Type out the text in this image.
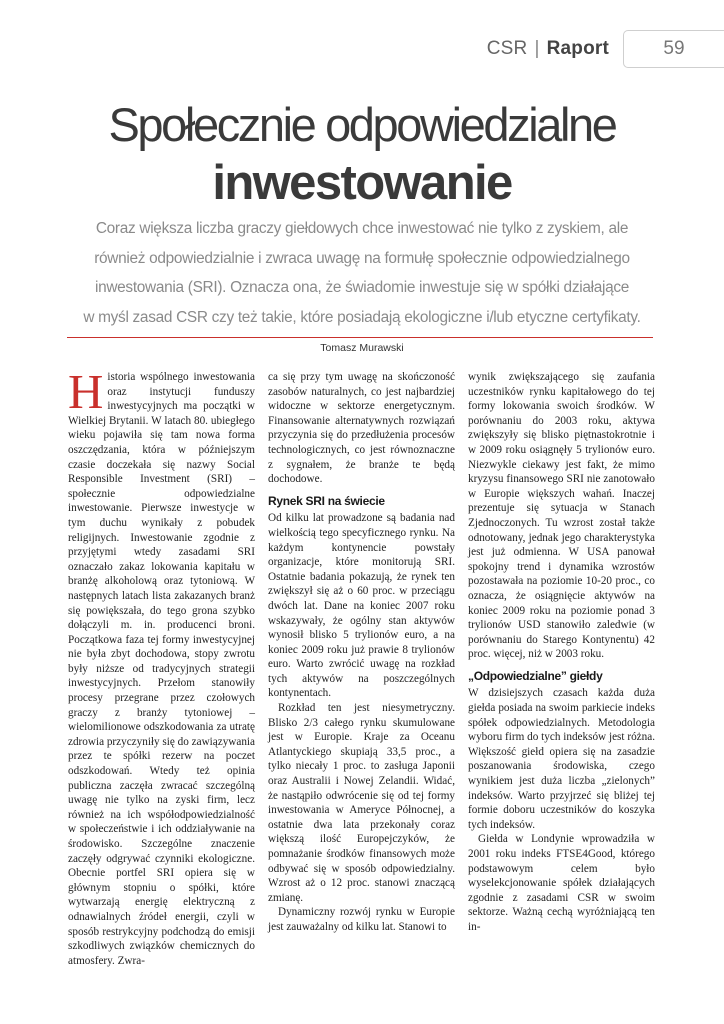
CSR | Raport	59
Społecznie odpowiedzialne
inwestowanie

Coraz większa liczba graczy giełdowych chce inwestować nie tylko z zyskiem, ale

również odpowiedzialnie i zwraca uwagę na formułę społecznie odpowiedzialnego

inwestowania (SRI). Oznacza ona, że świadomie inwestuje się w spółki działające

w myśl zasad CSR czy też takie, które posiadają ekologiczne i/lub etyczne certyfikaty.

Tomasz Murawski

Historia wspólnego inwestowania oraz instytucji funduszy inwestycyjnych ma początki w Wielkiej Brytanii. W latach 80. ubiegłego wieku pojawiła się tam nowa forma oszczędzania, która w późniejszym czasie doczekała się nazwy Social Responsible Investment (SRI) – społecznie odpowiedzialne inwestowanie. Pierwsze inwestycje w tym duchu wynikały z pobudek religijnych. Inwestowanie zgodnie z przyjętymi wtedy zasadami SRI oznaczało zakaz lokowania kapitału w branżę alkoholową oraz tytoniową. W następnych latach lista zakazanych branż się powiększała, do tego grona szybko dołączyli m. in. producenci broni. Początkowa faza tej formy inwestycyjnej nie była zbyt dochodowa, stopy zwrotu były niższe od tradycyjnych strategii inwestycyjnych. Przełom stanowiły procesy przegrane przez czołowych graczy z branży tytoniowej – wielomilionowe odszkodowania za utratę zdrowia przyczyniły się do zawiązywania przez te spółki rezerw na poczet odszkodowań. Wtedy też opinia publiczna zaczęła zwracać szczególną uwagę nie tylko na zyski firm, lecz również na ich współodpowiedzialność w społeczeństwie i ich oddziaływanie na środowisko. Szczególne znaczenie zaczęły odgrywać czynniki ekologiczne. Obecnie portfel SRI opiera się w głównym stopniu o spółki, które wytwarzają energię elektryczną z odnawialnych źródeł energii, czyli w sposób restrykcyjny podchodzą do emisji szkodliwych związków chemicznych do atmosfery. Zwra-

ca się przy tym uwagę na skończoność zasobów naturalnych, co jest najbardziej widoczne w sektorze energetycznym. Finansowanie alternatywnych rozwiązań przyczynia się do przedłużenia procesów technologicznych, co jest równoznaczne z sygnałem, że branże te będą dochodowe.

Rynek SRI na świecie

Od kilku lat prowadzone są badania nad wielkością tego specyficznego rynku. Na każdym kontynencie powstały organizacje, które monitorują SRI. Ostatnie badania pokazują, że rynek ten zwiększył się aż o 60 proc. w przeciągu dwóch lat. Dane na koniec 2007 roku wskazywały, że ogólny stan aktywów wynosił blisko 5 trylionów euro, a na koniec 2009 roku już prawie 8 trylionów euro. Warto zwrócić uwagę na rozkład tych aktywów na poszczególnych kontynentach.

Rozkład ten jest niesymetryczny. Blisko 2/3 całego rynku skumulowane jest w Europie. Kraje za Oceanu Atlantyckiego skupiają 33,5 proc., a tylko niecały 1 proc. to zasługa Japonii oraz Australii i Nowej Zelandii. Widać, że nastąpiło odwrócenie się od tej formy inwestowania w Ameryce Północnej, a ostatnie dwa lata przekonały coraz większą ilość Europejczyków, że pomnażanie środków finansowych może odbywać się w sposób odpowiedzialny. Wzrost aż o 12 proc. stanowi znaczącą zmianę.

Dynamiczny rozwój rynku w Europie jest zauważalny od kilku lat. Stanowi to

wynik zwiększającego się zaufania uczestników rynku kapitałowego do tej formy lokowania swoich środków. W porównaniu do 2003 roku, aktywa zwiększyły się blisko piętnastokrotnie i w 2009 roku osiągnęły 5 trylionów euro. Niezwykle ciekawy jest fakt, że mimo kryzysu finansowego SRI nie zanotowało w Europie większych wahań. Inaczej prezentuje się sytuacja w Stanach Zjednoczonych. Tu wzrost został także odnotowany, jednak jego charakterystyka jest już odmienna. W USA panował spokojny trend i dynamika wzrostów pozostawała na poziomie 10-20 proc., co oznacza, że osiągnięcie aktywów na koniec 2009 roku na poziomie ponad 3 trylionów USD stanowiło zaledwie (w porównaniu do Starego Kontynentu) 42 proc. więcej, niż w 2003 roku.

„Odpowiedzialne” giełdy

W dzisiejszych czasach każda duża giełda posiada na swoim parkiecie indeks spółek odpowiedzialnych. Metodologia wyboru firm do tych indeksów jest różna. Większość giełd opiera się na zasadzie poszanowania środowiska, czego wynikiem jest duża liczba „zielonych” indeksów. Warto przyjrzeć się bliżej tej formie doboru uczestników do koszyka tych indeksów.

Giełda w Londynie wprowadziła w 2001 roku indeks FTSE4Good, którego podstawowym celem było wyselekcjonowanie spółek działających zgodnie z zasadami CSR w swoim sektorze. Ważną cechą wyróżniającą ten in-
